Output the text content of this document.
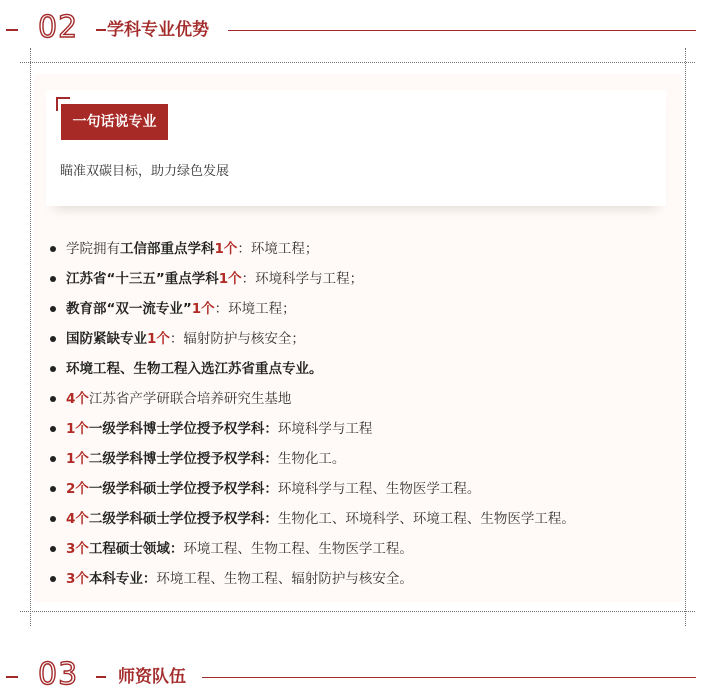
02 学科专业优势
一句话说专业
瞄准双碳目标，助力绿色发展
学院拥有工信部重点学科1个：环境工程；
江苏省“十三五”重点学科1个：环境科学与工程；
教育部“双一流专业”1个：环境工程；
国防紧缺专业1个：辐射防护与核安全；
环境工程、生物工程入选江苏省重点专业。
4个江苏省产学研联合培养研究生基地
1个一级学科博士学位授予权学科：环境科学与工程
1个二级学科博士学位授予权学科：生物化工。
2个一级学科硕士学位授予权学科：环境科学与工程、生物医学工程。
4个二级学科硕士学位授予权学科：生物化工、环境科学、环境工程、生物医学工程。
3个工程硕士领域：环境工程、生物工程、生物医学工程。
3个本科专业：环境工程、生物工程、辐射防护与核安全。
03 师资队伍
